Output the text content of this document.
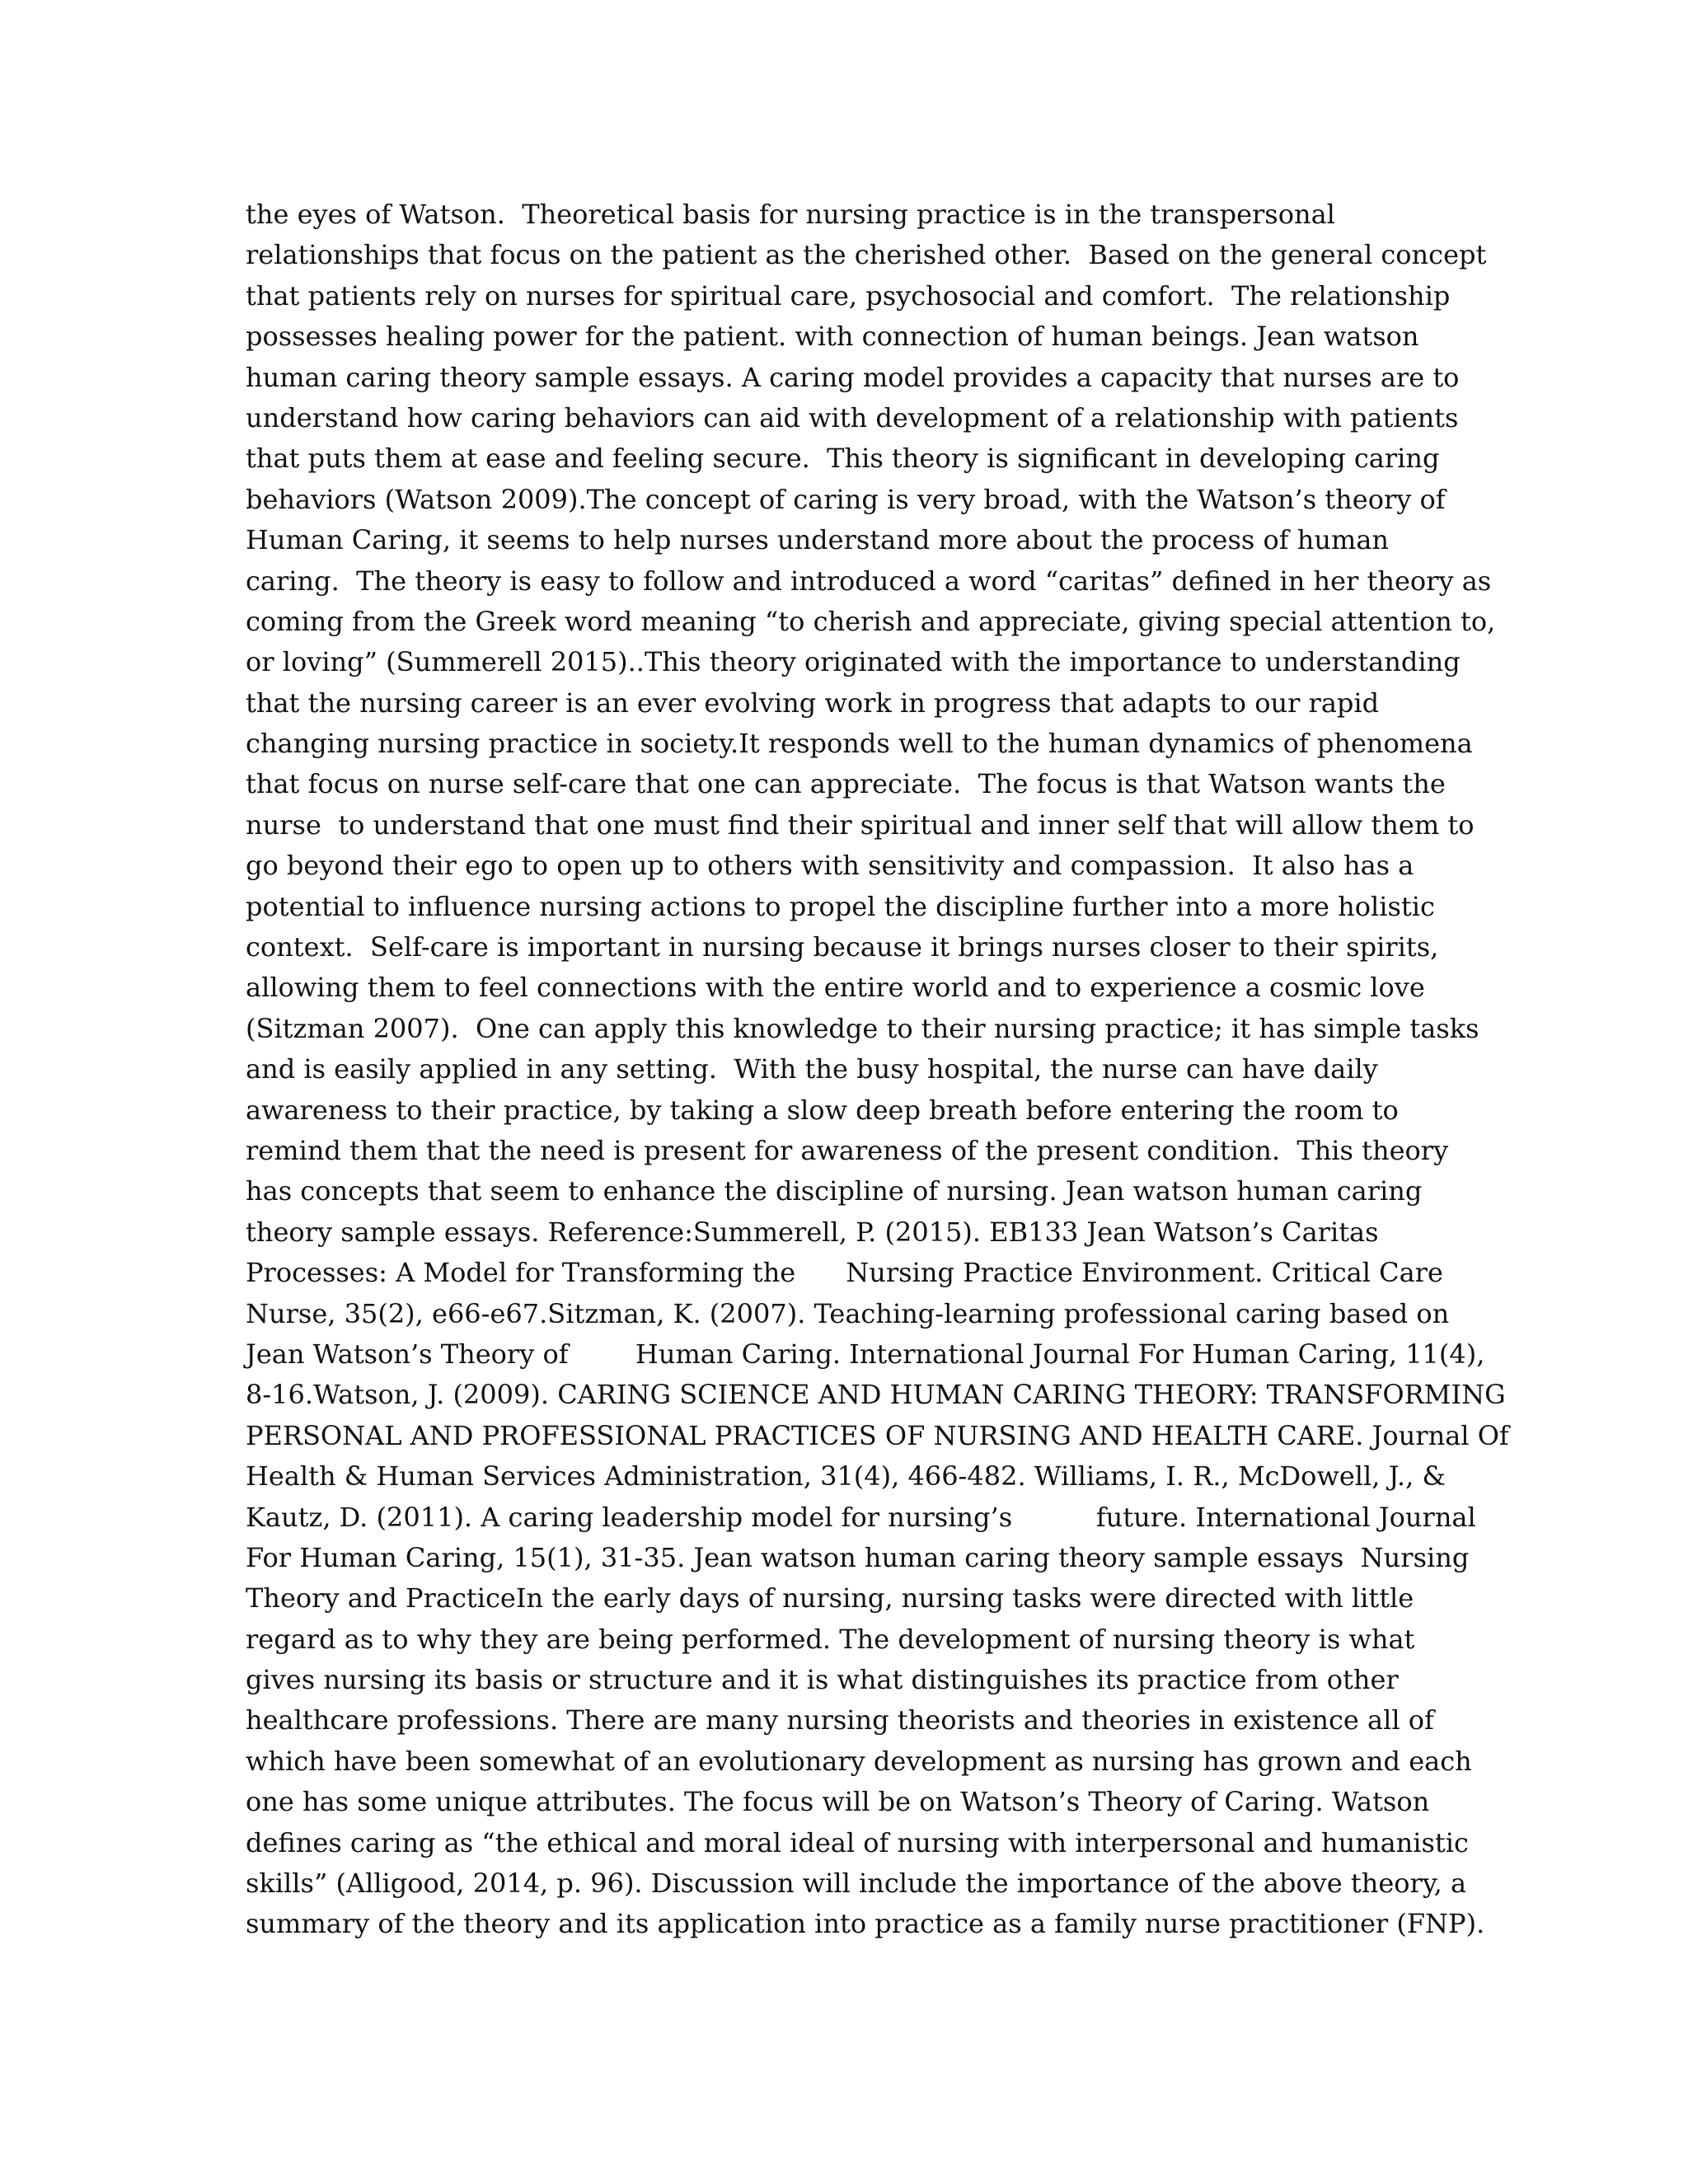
the eyes of Watson.  Theoretical basis for nursing practice is in the transpersonal
relationships that focus on the patient as the cherished other.  Based on the general concept
that patients rely on nurses for spiritual care, psychosocial and comfort.  The relationship
possesses healing power for the patient. with connection of human beings. Jean watson
human caring theory sample essays. A caring model provides a capacity that nurses are to
understand how caring behaviors can aid with development of a relationship with patients
that puts them at ease and feeling secure.  This theory is significant in developing caring
behaviors (Watson 2009).The concept of caring is very broad, with the Watson’s theory of
Human Caring, it seems to help nurses understand more about the process of human
caring.  The theory is easy to follow and introduced a word “caritas” defined in her theory as
coming from the Greek word meaning “to cherish and appreciate, giving special attention to,
or loving” (Summerell 2015)..This theory originated with the importance to understanding
that the nursing career is an ever evolving work in progress that adapts to our rapid
changing nursing practice in society.It responds well to the human dynamics of phenomena
that focus on nurse self-care that one can appreciate.  The focus is that Watson wants the
nurse  to understand that one must find their spiritual and inner self that will allow them to
go beyond their ego to open up to others with sensitivity and compassion.  It also has a
potential to influence nursing actions to propel the discipline further into a more holistic
context.  Self-care is important in nursing because it brings nurses closer to their spirits,
allowing them to feel connections with the entire world and to experience a cosmic love
(Sitzman 2007).  One can apply this knowledge to their nursing practice; it has simple tasks
and is easily applied in any setting.  With the busy hospital, the nurse can have daily
awareness to their practice, by taking a slow deep breath before entering the room to
remind them that the need is present for awareness of the present condition.  This theory
has concepts that seem to enhance the discipline of nursing. Jean watson human caring
theory sample essays. Reference:Summerell, P. (2015). EB133 Jean Watson’s Caritas
Processes: A Model for Transforming the      Nursing Practice Environment. Critical Care
Nurse, 35(2), e66-e67.Sitzman, K. (2007). Teaching-learning professional caring based on
Jean Watson’s Theory of        Human Caring. International Journal For Human Caring, 11(4),
8-16.Watson, J. (2009). CARING SCIENCE AND HUMAN CARING THEORY: TRANSFORMING
PERSONAL AND PROFESSIONAL PRACTICES OF NURSING AND HEALTH CARE. Journal Of
Health & Human Services Administration, 31(4), 466-482. Williams, I. R., McDowell, J., &
Kautz, D. (2011). A caring leadership model for nursing’s          future. International Journal
For Human Caring, 15(1), 31-35. Jean watson human caring theory sample essays  Nursing
Theory and PracticeIn the early days of nursing, nursing tasks were directed with little
regard as to why they are being performed. The development of nursing theory is what
gives nursing its basis or structure and it is what distinguishes its practice from other
healthcare professions. There are many nursing theorists and theories in existence all of
which have been somewhat of an evolutionary development as nursing has grown and each
one has some unique attributes. The focus will be on Watson’s Theory of Caring. Watson
defines caring as “the ethical and moral ideal of nursing with interpersonal and humanistic
skills” (Alligood, 2014, p. 96). Discussion will include the importance of the above theory, a
summary of the theory and its application into practice as a family nurse practitioner (FNP).
